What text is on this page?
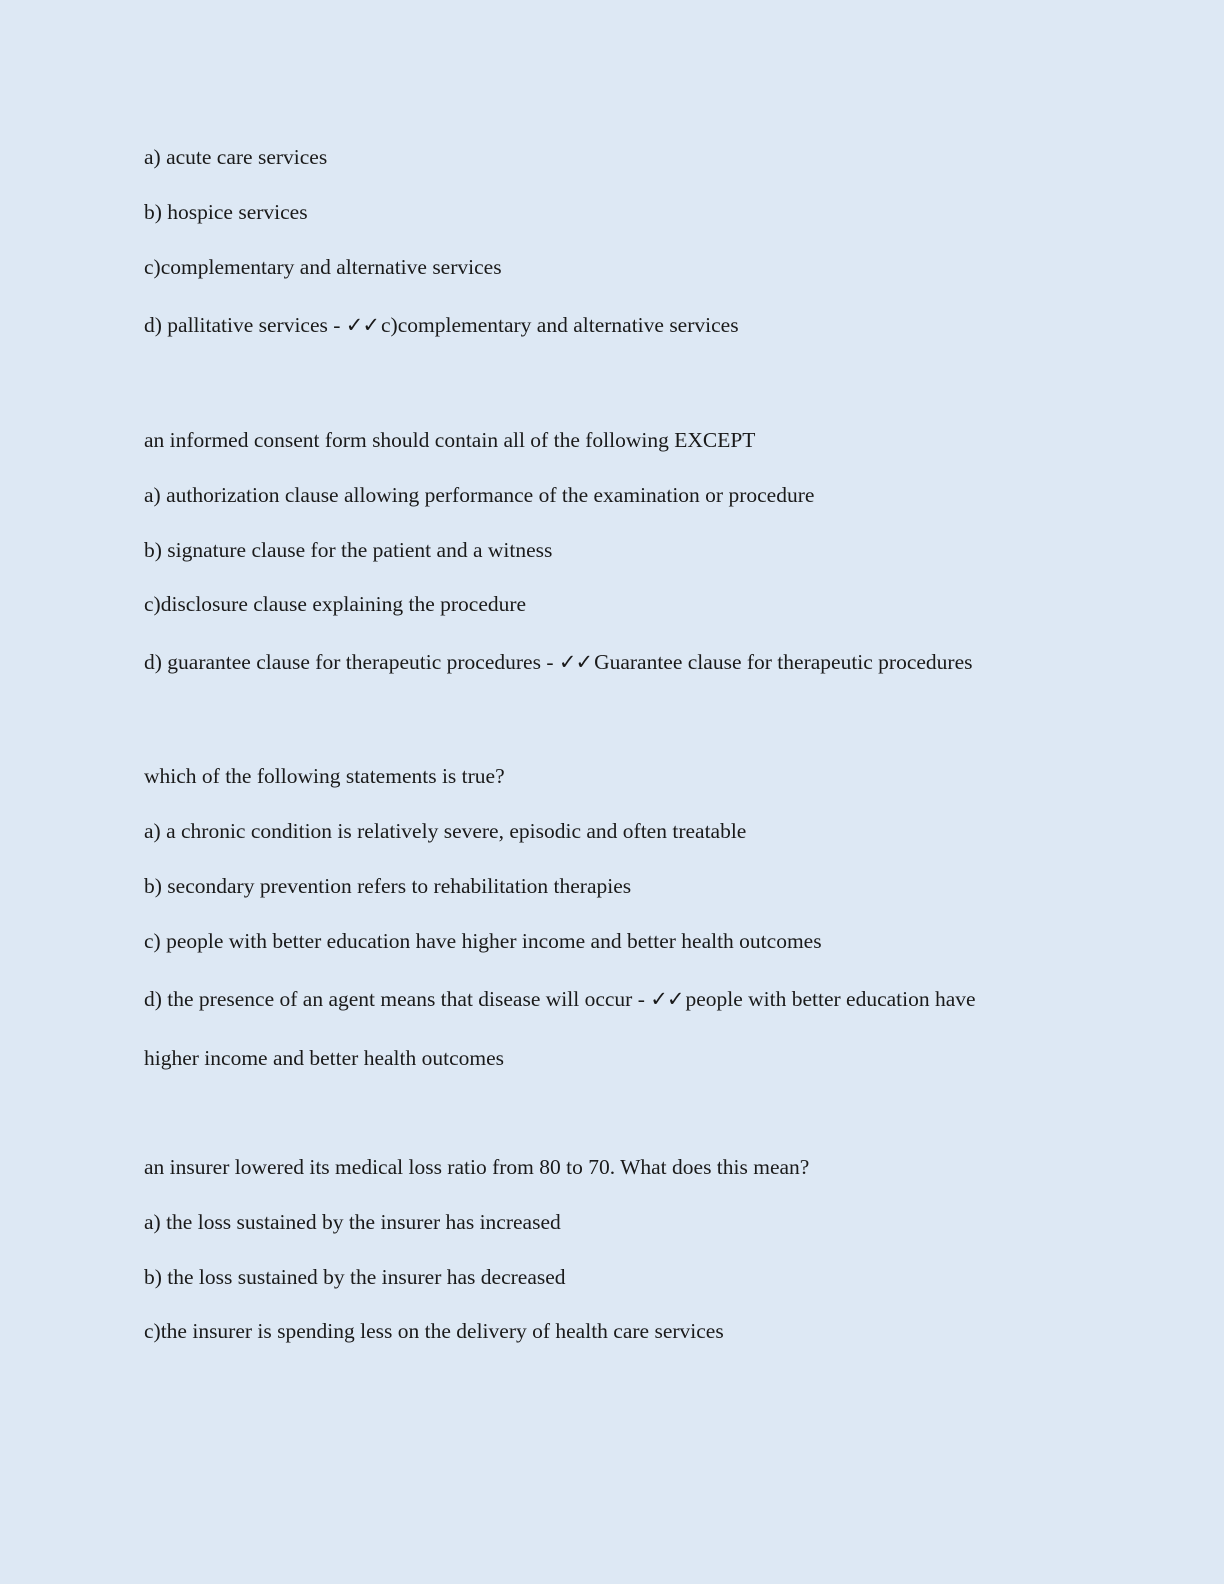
a) acute care services
b) hospice services
c)complementary and alternative services
d) pallitative services - ✓✓c)complementary and alternative services
an informed consent form should contain all of the following EXCEPT
a) authorization clause allowing performance of the examination or procedure
b) signature clause for the patient and a witness
c)disclosure clause explaining the procedure
d) guarantee clause for therapeutic procedures - ✓✓Guarantee clause for therapeutic procedures
which of the following statements is true?
a) a chronic condition is relatively severe, episodic and often treatable
b) secondary prevention refers to rehabilitation therapies
c) people with better education have higher income and better health outcomes
d) the presence of an agent means that disease will occur - ✓✓people with better education have
higher income and better health outcomes
an insurer lowered its medical loss ratio from 80 to 70. What does this mean?
a) the loss sustained by the insurer has increased
b) the loss sustained by the insurer has decreased
c)the insurer is spending less on the delivery of health care services
